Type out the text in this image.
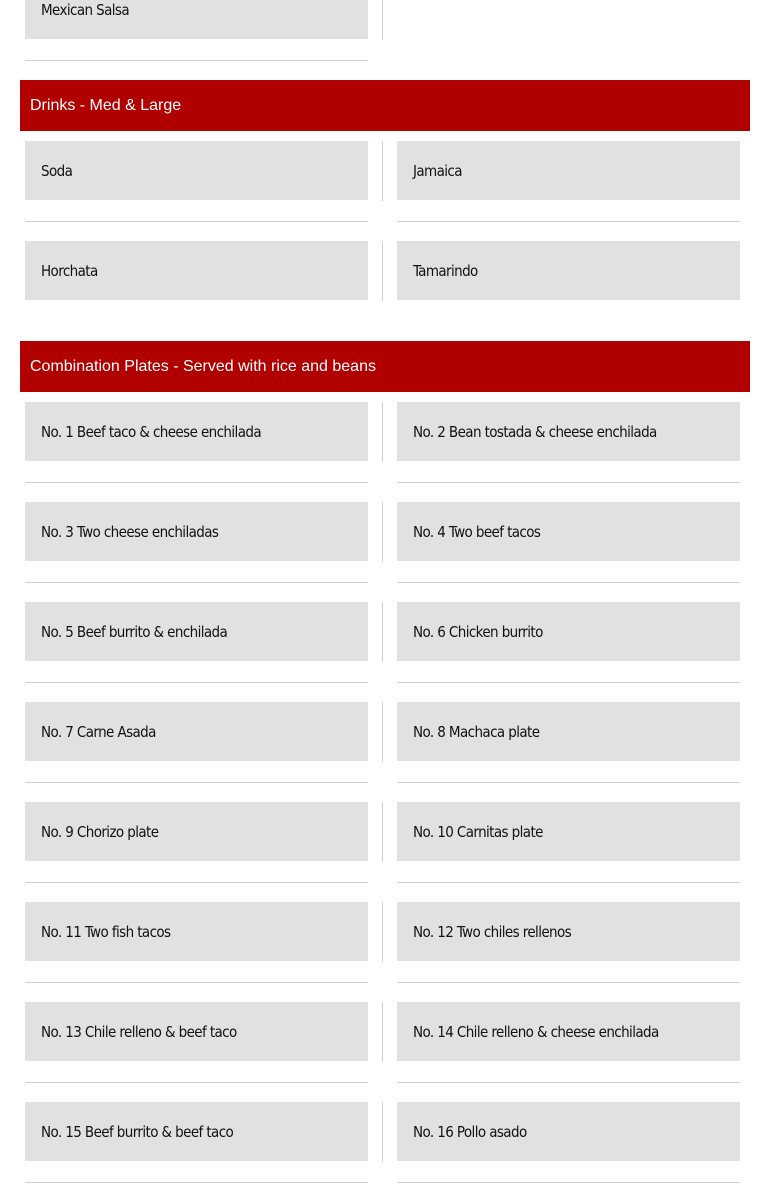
Mexican Salsa
Drinks - Med & Large
Soda	Jamaica
Horchata	Tamarindo
Combination Plates - Served with rice and beans
No. 1 Beef taco & cheese enchilada	No. 2 Bean tostada & cheese enchilada
No. 3 Two cheese enchiladas	No. 4 Two beef tacos
No. 5 Beef burrito & enchilada	No. 6 Chicken burrito
No. 7 Carne Asada	No. 8 Machaca plate
No. 9 Chorizo plate	No. 10 Carnitas plate
No. 11 Two fish tacos	No. 12 Two chiles rellenos
No. 13 Chile relleno & beef taco	No. 14 Chile relleno & cheese enchilada
No. 15 Beef burrito & beef taco	No. 16 Pollo asado
